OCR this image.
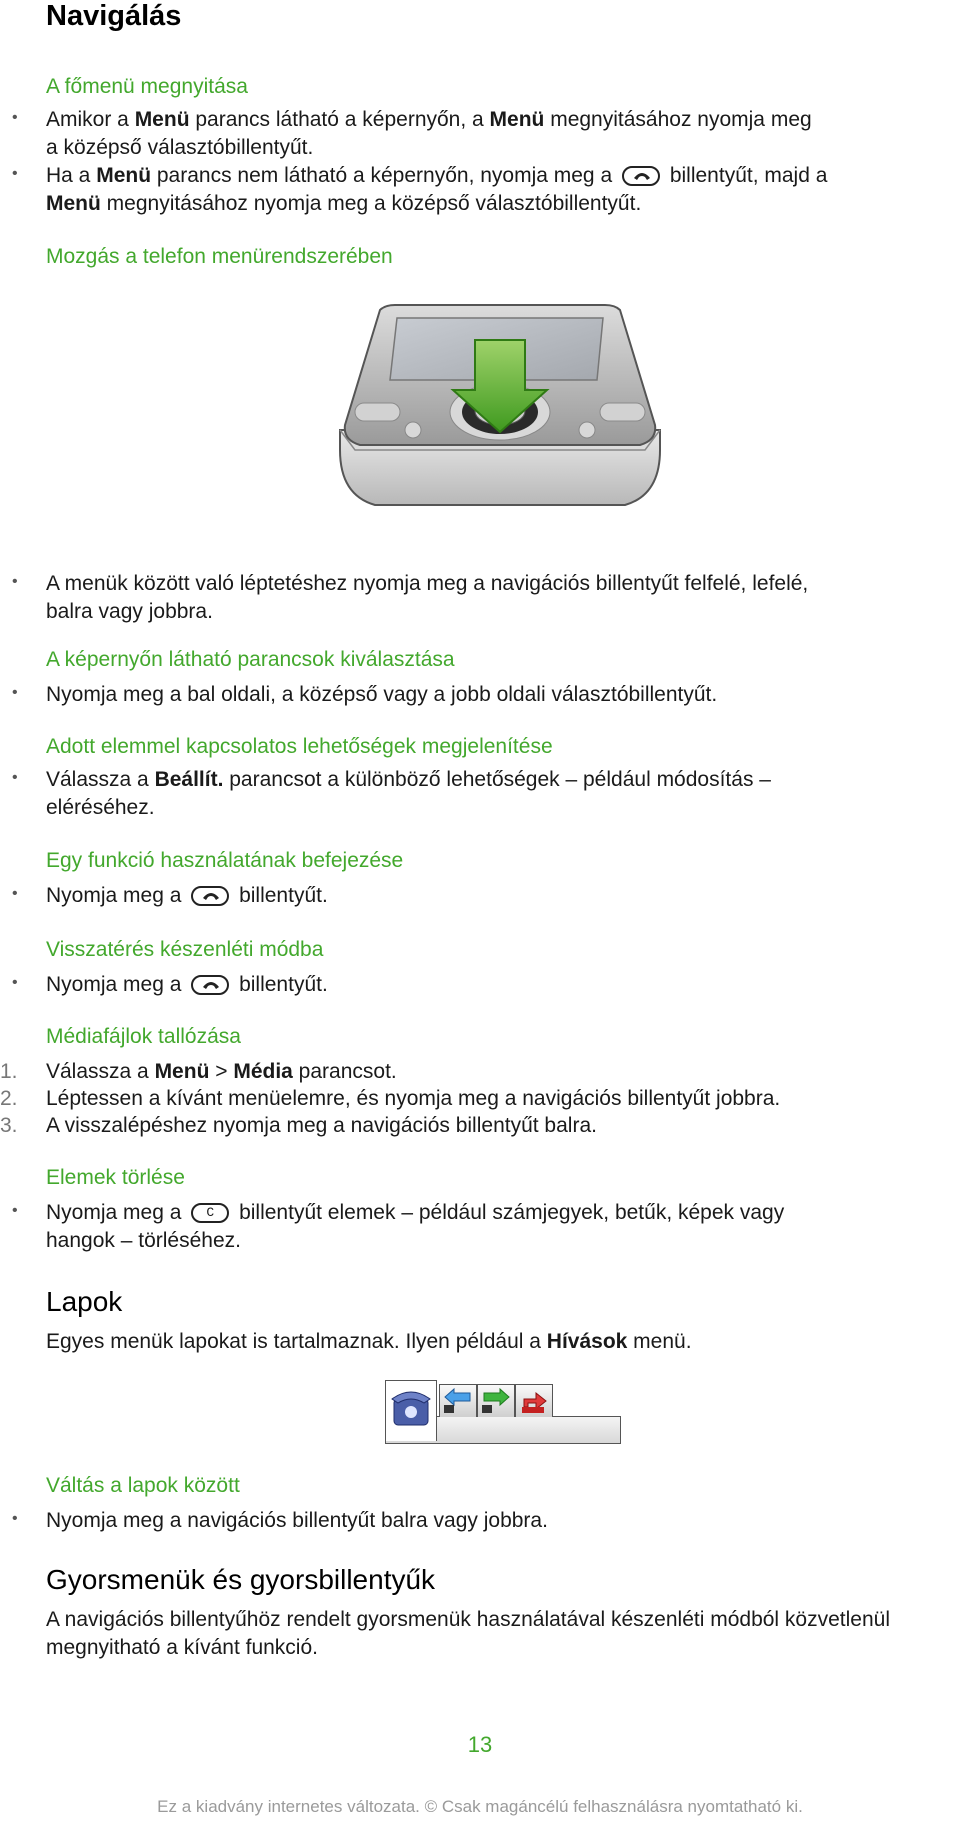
Navigálás

A főmenü megnyitása

• Amikor a Menü parancs látható a képernyőn, a Menü megnyitásához nyomja meg
a középső választóbillentyűt.
• Ha a Menü parancs nem látható a képernyőn, nyomja meg a	billentyűt, majd a
Menü megnyitásához nyomja meg a középső választóbillentyűt.

Mozgás a telefon menürendszerében

• A menük között való léptetéshez nyomja meg a navigációs billentyűt felfelé, lefelé,
balra vagy jobbra.

A képernyőn látható parancsok kiválasztása

• Nyomja meg a bal oldali, a középső vagy a jobb oldali választóbillentyűt.

Adott elemmel kapcsolatos lehetőségek megjelenítése

• Válassza a Beállít. parancsot a különböző lehetőségek – például módosítás –
eléréséhez.

Egy funkció használatának befejezése

• Nyomja meg a	billentyűt.

Visszatérés készenléti módba

• Nyomja meg a	billentyűt.

Médiafájlok tallózása

1.	Válassza a Menü > Média parancsot.
2.	Léptessen a kívánt menüelemre, és nyomja meg a navigációs billentyűt jobbra.
3.	A visszalépéshez nyomja meg a navigációs billentyűt balra.

Elemek törlése

• Nyomja meg a C billentyűt elemek – például számjegyek, betűk, képek vagy
hangok – törléséhez.
Lapok
Egyes menük lapokat is tartalmaznak. Ilyen például a Hívások menü.

Váltás a lapok között

• Nyomja meg a navigációs billentyűt balra vagy jobbra.
Gyorsmenük és gyorsbillentyűk
A navigációs billentyűhöz rendelt gyorsmenük használatával készenléti módból közvetlenül
megnyitható a kívánt funkció.
13
Ez a kiadvány internetes változata. © Csak magáncélú felhasználásra nyomtatható ki.
